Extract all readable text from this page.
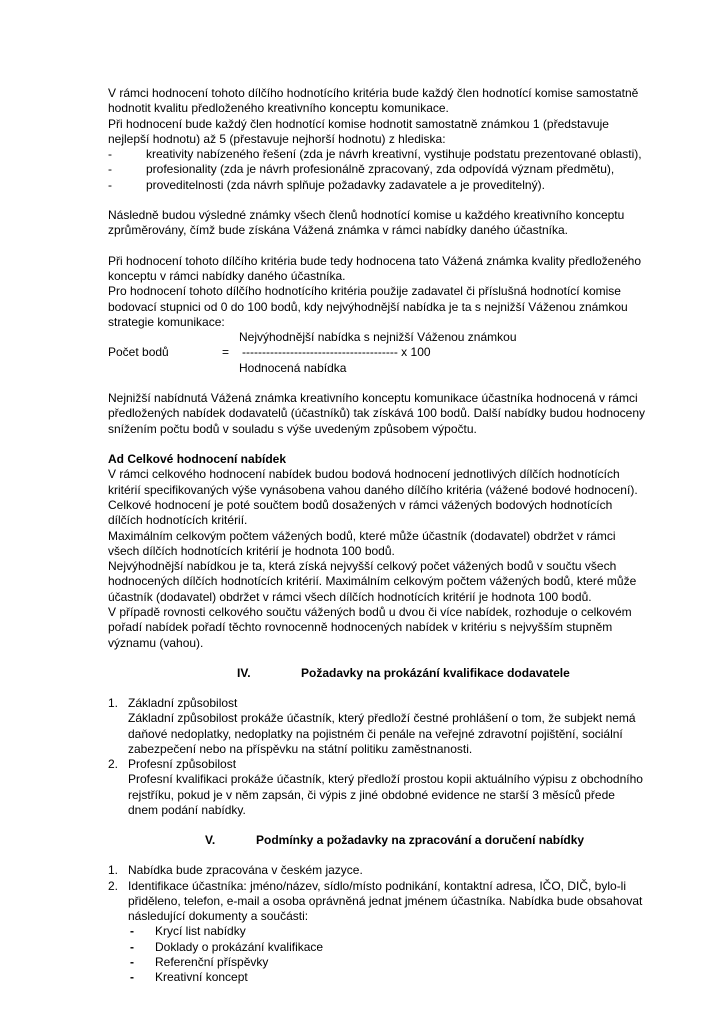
V rámci hodnocení tohoto dílčího hodnotícího kritéria bude každý člen hodnotící komise samostatně hodnotit kvalitu předloženého kreativního konceptu komunikace.

Při hodnocení bude každý člen hodnotící komise hodnotit samostatně známkou 1 (představuje nejlepší hodnotu) až 5 (přestavuje nejhorší hodnotu) z hlediska:

-	kreativity nabízeného řešení (zda je návrh kreativní, vystihuje podstatu prezentované oblasti),
-	profesionality (zda je návrh profesionálně zpracovaný, zda odpovídá význam předmětu),
-	proveditelnosti (zda návrh splňuje požadavky zadavatele a je proveditelný).

Následně budou výsledné známky všech členů hodnotící komise u každého kreativního konceptu zprůměrovány, čímž bude získána Vážená známka v rámci nabídky daného účastníka.

Při hodnocení tohoto dílčího kritéria bude tedy hodnocena tato Vážená známka kvality předloženého konceptu v rámci nabídky daného účastníka.

Pro hodnocení tohoto dílčího hodnotícího kritéria použije zadavatel či příslušná hodnotící komise bodovací stupnici od 0 do 100 bodů, kdy nejvýhodnější nabídka je ta s nejnižší Váženou známkou strategie komunikace:

Nejvýhodnější nabídka s nejnižší Váženou známkou
Počet bodů	= --------------------------------------- x 100
Hodnocená nabídka

Nejnižší nabídnutá Vážená známka kreativního konceptu komunikace účastníka hodnocená v rámci předložených nabídek dodavatelů (účastníků) tak získává 100 bodů. Další nabídky budou hodnoceny snížením počtu bodů v souladu s výše uvedeným způsobem výpočtu.

Ad Celkové hodnocení nabídek

V rámci celkového hodnocení nabídek budou bodová hodnocení jednotlivých dílčích hodnotících kritérií specifikovaných výše vynásobena vahou daného dílčího kritéria (vážené bodové hodnocení). Celkové hodnocení je poté součtem bodů dosažených v rámci vážených bodových hodnotících dílčích hodnotících kritérií.

Maximálním celkovým počtem vážených bodů, které může účastník (dodavatel) obdržet v rámci všech dílčích hodnotících kritérií je hodnota 100 bodů.

Nejvýhodnější nabídkou je ta, která získá nejvyšší celkový počet vážených bodů v součtu všech hodnocených dílčích hodnotících kritérií. Maximálním celkovým počtem vážených bodů, které může účastník (dodavatel) obdržet v rámci všech dílčích hodnotících kritérií je hodnota 100 bodů.

V případě rovnosti celkového součtu vážených bodů u dvou či více nabídek, rozhoduje o celkovém pořadí nabídek pořadí těchto rovnocenně hodnocených nabídek v kritériu s nejvyšším stupněm významu (vahou).

IV.	Požadavky na prokázání kvalifikace dodavatele
1. Základní způsobilost

Základní způsobilost prokáže účastník, který předloží čestné prohlášení o tom, že subjekt nemá daňové nedoplatky, nedoplatky na pojistném či penále na veřejné zdravotní pojištění, sociální zabezpečení nebo na příspěvku na státní politiku zaměstnanosti.

2. Profesní způsobilost

Profesní kvalifikaci prokáže účastník, který předloží prostou kopii aktuálního výpisu z obchodního rejstříku, pokud je v něm zapsán, či výpis z jiné obdobné evidence ne starší 3 měsíců přede dnem podání nabídky.

V.	Podmínky a požadavky na zpracování a doručení nabídky
1. Nabídka bude zpracována v českém jazyce.

2. Identifikace účastníka: jméno/název, sídlo/místo podnikání, kontaktní adresa, IČO, DIČ, bylo-li přiděleno, telefon, e-mail a osoba oprávněná jednat jménem účastníka. Nabídka bude obsahovat následující dokumenty a součásti:

- Krycí list nabídky
- Doklady o prokázání kvalifikace
- Referenční příspěvky
- Kreativní koncept
